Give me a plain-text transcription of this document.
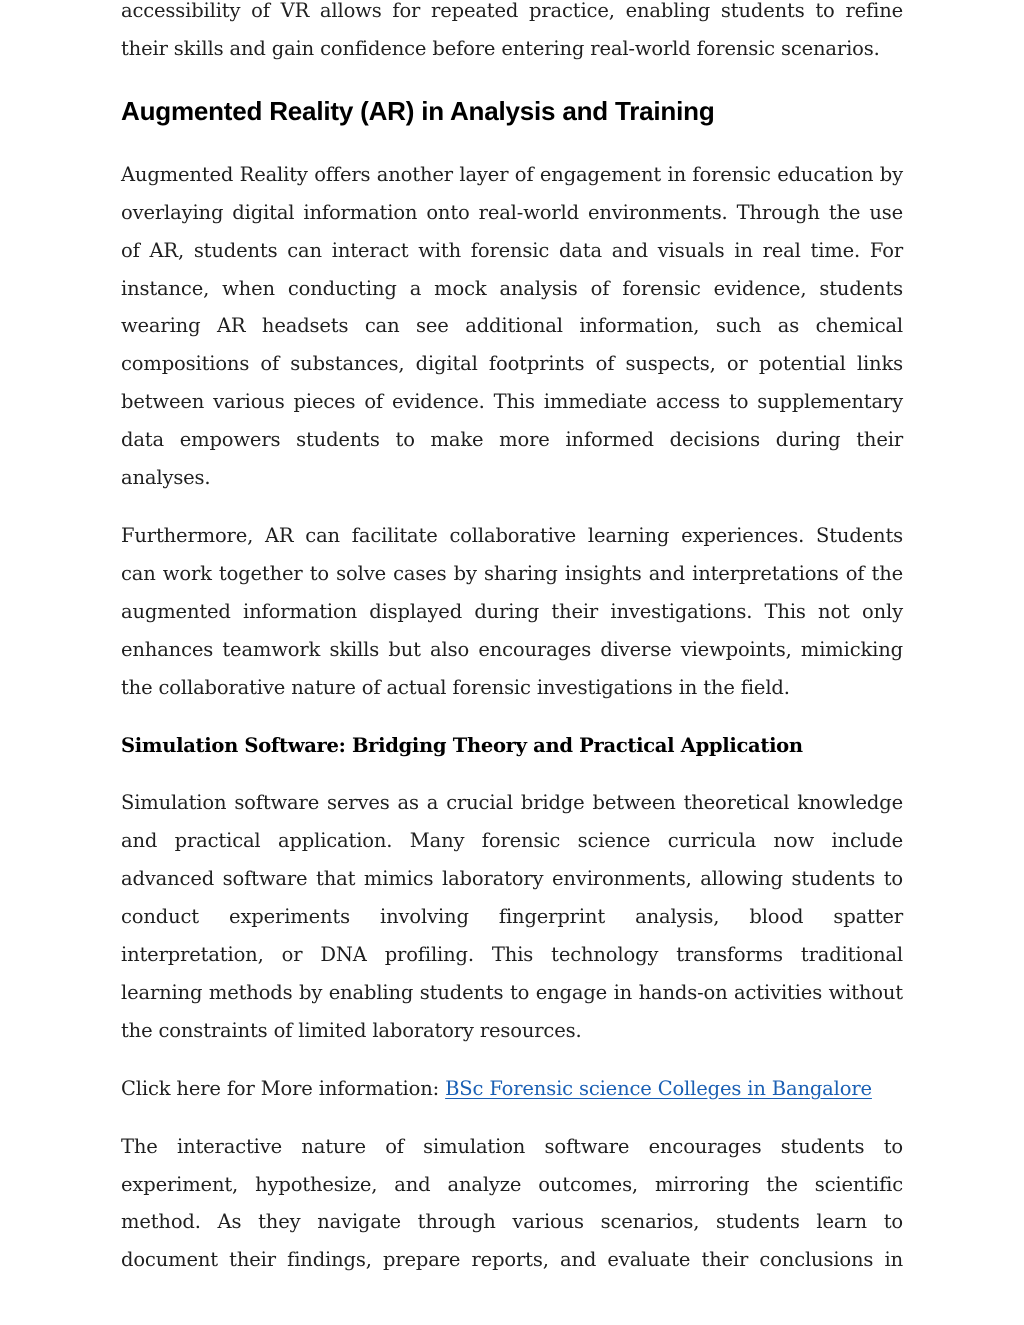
accessibility of VR allows for repeated practice, enabling students to refine their skills and gain confidence before entering real-world forensic scenarios.

Augmented Reality (AR) in Analysis and Training

Augmented Reality offers another layer of engagement in forensic education by overlaying digital information onto real-world environments. Through the use of AR, students can interact with forensic data and visuals in real time. For instance, when conducting a mock analysis of forensic evidence, students wearing AR headsets can see additional information, such as chemical compositions of substances, digital footprints of suspects, or potential links between various pieces of evidence. This immediate access to supplementary data empowers students to make more informed decisions during their analyses.

Furthermore, AR can facilitate collaborative learning experiences. Students can work together to solve cases by sharing insights and interpretations of the augmented information displayed during their investigations. This not only enhances teamwork skills but also encourages diverse viewpoints, mimicking the collaborative nature of actual forensic investigations in the field.

Simulation Software: Bridging Theory and Practical Application

Simulation software serves as a crucial bridge between theoretical knowledge and practical application. Many forensic science curricula now include advanced software that mimics laboratory environments, allowing students to conduct experiments involving fingerprint analysis, blood spatter interpretation, or DNA profiling. This technology transforms traditional learning methods by enabling students to engage in hands-on activities without the constraints of limited laboratory resources.

Click here for More information: BSc Forensic science Colleges in Bangalore

The interactive nature of simulation software encourages students to experiment, hypothesize, and analyze outcomes, mirroring the scientific method. As they navigate through various scenarios, students learn to document their findings, prepare reports, and evaluate their conclusions in
